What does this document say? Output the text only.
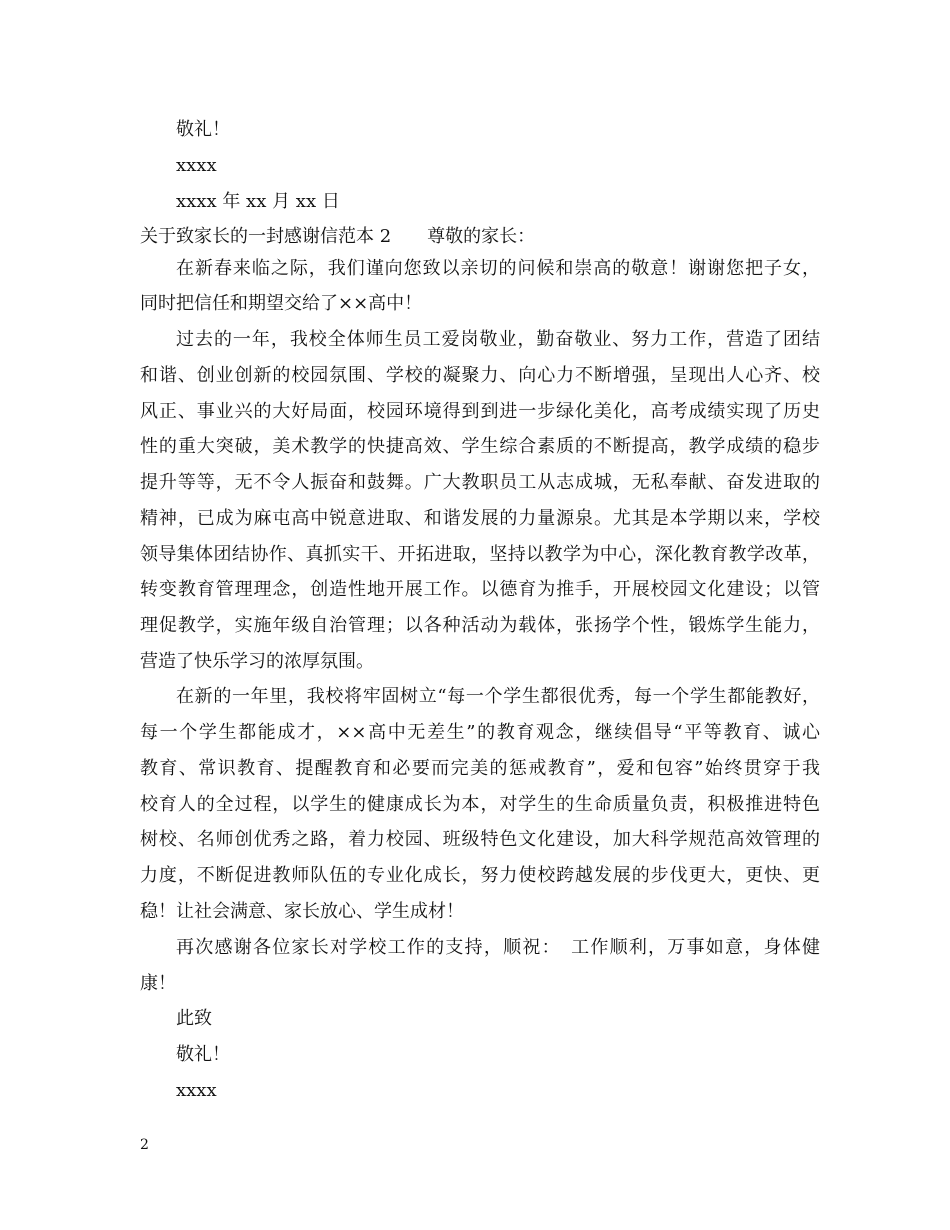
敬礼！
xxxx
xxxx 年 xx 月 xx 日
关于致家长的一封感谢信范本 2　　尊敬的家长：
在新春来临之际，我们谨向您致以亲切的问候和崇高的敬意！谢谢您把子女，
同时把信任和期望交给了××高中！
过去的一年，我校全体师生员工爱岗敬业，勤奋敬业、努力工作，营造了团结
和谐、创业创新的校园氛围、学校的凝聚力、向心力不断增强，呈现出人心齐、校
风正、事业兴的大好局面，校园环境得到到进一步绿化美化，高考成绩实现了历史
性的重大突破，美术教学的快捷高效、学生综合素质的不断提高，教学成绩的稳步
提升等等，无不令人振奋和鼓舞。广大教职员工从志成城，无私奉献、奋发进取的
精神，已成为麻屯高中锐意进取、和谐发展的力量源泉。尤其是本学期以来，学校
领导集体团结协作、真抓实干、开拓进取，坚持以教学为中心，深化教育教学改革，
转变教育管理理念，创造性地开展工作。以德育为推手，开展校园文化建设；以管
理促教学，实施年级自治管理；以各种活动为载体，张扬学个性，锻炼学生能力，
营造了快乐学习的浓厚氛围。
在新的一年里，我校将牢固树立“每一个学生都很优秀，每一个学生都能教好，
每一个学生都能成才，××高中无差生”的教育观念，继续倡导“平等教育、诚心
教育、常识教育、提醒教育和必要而完美的惩戒教育”，爱和包容”始终贯穿于我
校育人的全过程，以学生的健康成长为本，对学生的生命质量负责，积极推进特色
树校、名师创优秀之路，着力校园、班级特色文化建设，加大科学规范高效管理的
力度，不断促进教师队伍的专业化成长，努力使校跨越发展的步伐更大，更快、更
稳！让社会满意、家长放心、学生成材！
再次感谢各位家长对学校工作的支持，顺祝：　工作顺利，万事如意，身体健
康！
此致
敬礼！
xxxx
2
